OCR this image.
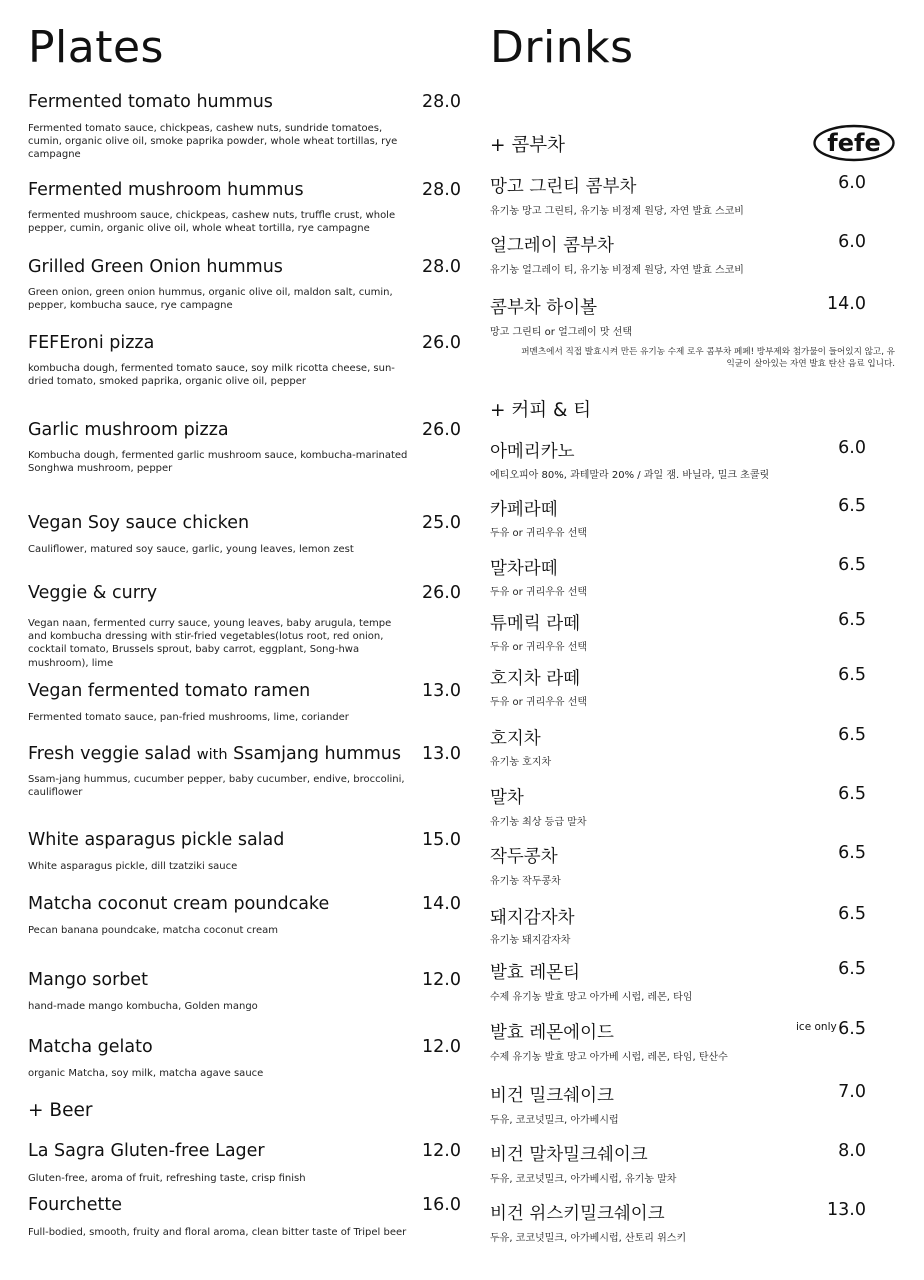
Plates
Fermented tomato hummus	28.0
Fermented tomato sauce, chickpeas, cashew nuts, sundride tomatoes, cumin, organic olive oil, smoke paprika powder, whole wheat tortillas, rye campagne
Fermented mushroom hummus	28.0
fermented mushroom sauce, chickpeas, cashew nuts, truffle crust, whole pepper, cumin, organic olive oil, whole wheat tortilla, rye campagne
Grilled Green Onion hummus	28.0
Green onion, green onion hummus, organic olive oil, maldon salt, cumin, pepper, kombucha sauce, rye campagne
FEFEroni pizza	26.0
kombucha dough, fermented tomato sauce, soy milk ricotta cheese, sun-dried tomato, smoked paprika, organic olive oil, pepper
Garlic mushroom pizza	26.0
Kombucha dough, fermented garlic mushroom sauce, kombucha-marinated Songhwa mushroom, pepper
Vegan Soy sauce chicken	25.0
Cauliflower, matured soy sauce, garlic, young leaves, lemon zest
Veggie & curry	26.0
Vegan naan, fermented curry sauce, young leaves, baby arugula, tempe and kombucha dressing with stir-fried vegetables(lotus root, red onion, cocktail tomato, Brussels sprout, baby carrot, eggplant, Song-hwa mushroom), lime
Vegan fermented tomato ramen	13.0
Fermented tomato sauce, pan-fried mushrooms, lime, coriander
Fresh veggie salad with Ssamjang hummus	13.0
Ssam-jang hummus, cucumber pepper, baby cucumber, endive, broccolini, cauliflower
White asparagus pickle salad	15.0
White asparagus pickle, dill tzatziki sauce
Matcha coconut cream poundcake	14.0
Pecan banana poundcake, matcha coconut cream
Mango sorbet	12.0
hand-made mango kombucha, Golden mango
Matcha gelato	12.0
organic Matcha, soy milk, matcha agave sauce
+ Beer
La Sagra Gluten-free Lager	12.0
Gluten-free, aroma of fruit, refreshing taste, crisp finish
Fourchette	16.0
Full-bodied, smooth, fruity and floral aroma, clean bitter taste of Tripel beer
Drinks
fefe
+ 콤부차
망고 그린티 콤부차	6.0
유기농 망고 그린티, 유기농 비정제 원당, 자연 발효 스코비
얼그레이 콤부차	6.0
유기농 얼그레이 티, 유기농 비정제 원당, 자연 발효 스코비
콤부차 하이볼	14.0
망고 그린티 or 얼그레이 맛 선택
퍼멘츠에서 직접 발효시켜 만든 유기농 수제 로우 콤부차 페페! 방부제와 첨가물이 들어있지 않고, 유익균이 살아있는 자연 발효 탄산 음료 입니다.
+ 커피 & 티
아메리카노	6.0
에티오피아 80%, 과테말라 20% / 과일 잼. 바닐라, 밀크 초콜릿
카페라떼	6.5
두유 or 귀리우유 선택
말차라떼	6.5
두유 or 귀리우유 선택
튜메릭 라떼	6.5
두유 or 귀리우유 선택
호지차 라떼	6.5
두유 or 귀리우유 선택
호지차	6.5
유기농 호지차
말차	6.5
유기농 최상 등급 말차
작두콩차	6.5
유기농 작두콩차
돼지감자차	6.5
유기농 돼지감자차
발효 레몬티	6.5
수제 유기농 발효 망고 아가베 시럽, 레몬, 타임
발효 레몬에이드	6.5
수제 유기농 발효 망고 아가베 시럽, 레몬, 타임, 탄산수
ice only
비건 밀크쉐이크	7.0
두유, 코코넛밀크, 아가베시럽
비건 말차밀크쉐이크	8.0
두유, 코코넛밀크, 아가베시럽, 유기농 말차
비건 위스키밀크쉐이크	13.0
두유, 코코넛밀크, 아가베시럽, 산토리 위스키
